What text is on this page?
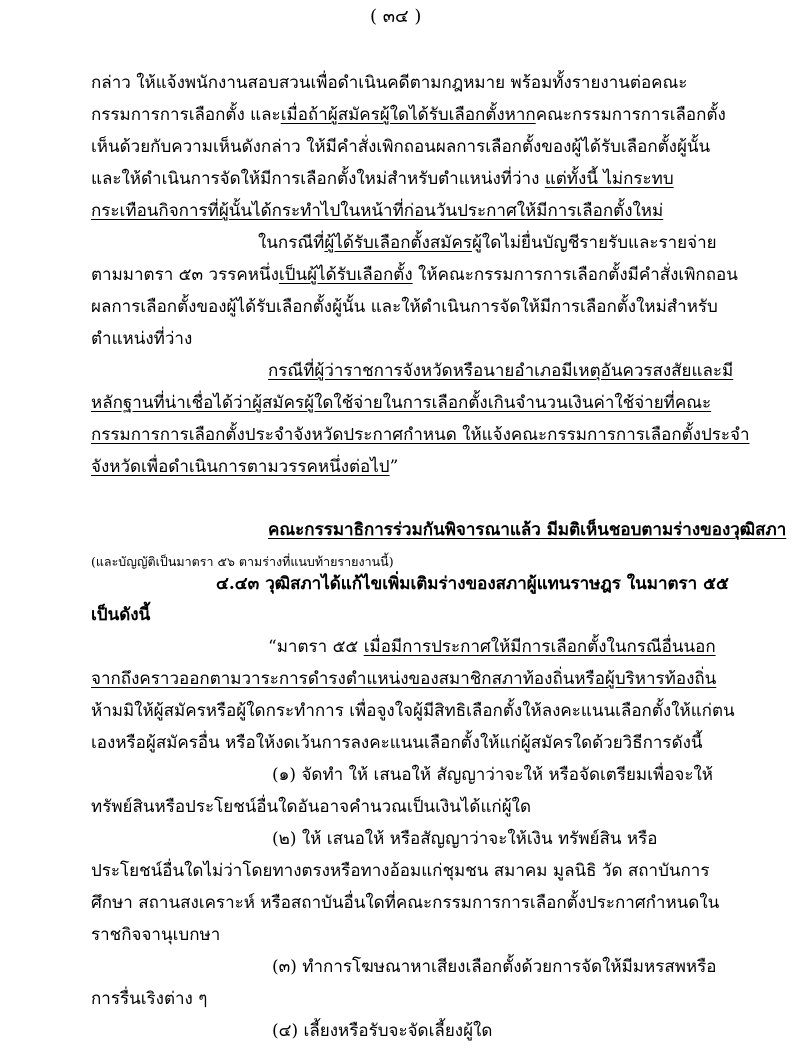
( ๓๔ )
กล่าว ให้แจ้งพนักงานสอบสวนเพื่อดำเนินคดีตามกฎหมาย พร้อมทั้งรายงานต่อคณะ
กรรมการการเลือกตั้ง และเมื่อถ้าผู้สมัครผู้ใดได้รับเลือกตั้งหากคณะกรรมการการเลือกตั้ง
เห็นด้วยกับความเห็นดังกล่าว ให้มีคำสั่งเพิกถอนผลการเลือกตั้งของผู้ได้รับเลือกตั้งผู้นั้น
และให้ดำเนินการจัดให้มีการเลือกตั้งใหม่สำหรับตำแหน่งที่ว่าง แต่ทั้งนี้ ไม่กระทบ
กระเทือนกิจการที่ผู้นั้นได้กระทำไปในหน้าที่ก่อนวันประกาศให้มีการเลือกตั้งใหม่
ในกรณีที่ผู้ได้รับเลือกตั้งสมัครผู้ใดไม่ยื่นบัญชีรายรับและรายจ่าย
ตามมาตรา ๕๓ วรรคหนึ่งเป็นผู้ได้รับเลือกตั้ง ให้คณะกรรมการการเลือกตั้งมีคำสั่งเพิกถอน
ผลการเลือกตั้งของผู้ได้รับเลือกตั้งผู้นั้น และให้ดำเนินการจัดให้มีการเลือกตั้งใหม่สำหรับ
ตำแหน่งที่ว่าง
กรณีที่ผู้ว่าราชการจังหวัดหรือนายอำเภอมีเหตุอันควรสงสัยและมี
หลักฐานที่น่าเชื่อได้ว่าผู้สมัครผู้ใดใช้จ่ายในการเลือกตั้งเกินจำนวนเงินค่าใช้จ่ายที่คณะ
กรรมการการเลือกตั้งประจำจังหวัดประกาศกำหนด ให้แจ้งคณะกรรมการการเลือกตั้งประจำ
จังหวัดเพื่อดำเนินการตามวรรคหนึ่งต่อไป”
คณะกรรมาธิการร่วมกันพิจารณาแล้ว มีมติเห็นชอบตามร่างของวุฒิสภา
(และบัญญัติเป็นมาตรา ๕๖ ตามร่างที่แนบท้ายรายงานนี้)
๔.๔๓ วุฒิสภาได้แก้ไขเพิ่มเติมร่างของสภาผู้แทนราษฎร ในมาตรา ๕๕
เป็นดังนี้
“มาตรา ๕๕ เมื่อมีการประกาศให้มีการเลือกตั้งในกรณีอื่นนอก
จากถึงคราวออกตามวาระการดำรงตำแหน่งของสมาชิกสภาท้องถิ่นหรือผู้บริหารท้องถิ่น
ห้ามมิให้ผู้สมัครหรือผู้ใดกระทำการ เพื่อจูงใจผู้มีสิทธิเลือกตั้งให้ลงคะแนนเลือกตั้งให้แก่ตน
เองหรือผู้สมัครอื่น หรือให้งดเว้นการลงคะแนนเลือกตั้งให้แก่ผู้สมัครใดด้วยวิธีการดังนี้
(๑) จัดทำ ให้ เสนอให้ สัญญาว่าจะให้ หรือจัดเตรียมเพื่อจะให้
ทรัพย์สินหรือประโยชน์อื่นใดอันอาจคำนวณเป็นเงินได้แก่ผู้ใด
(๒) ให้ เสนอให้ หรือสัญญาว่าจะให้เงิน ทรัพย์สิน หรือ
ประโยชน์อื่นใดไม่ว่าโดยทางตรงหรือทางอ้อมแก่ชุมชน สมาคม มูลนิธิ วัด สถาบันการ
ศึกษา สถานสงเคราะห์ หรือสถาบันอื่นใดที่คณะกรรมการการเลือกตั้งประกาศกำหนดใน
ราชกิจจานุเบกษา
(๓) ทำการโฆษณาหาเสียงเลือกตั้งด้วยการจัดให้มีมหรสพหรือ
การรื่นเริงต่าง ๆ
(๔) เลี้ยงหรือรับจะจัดเลี้ยงผู้ใด
